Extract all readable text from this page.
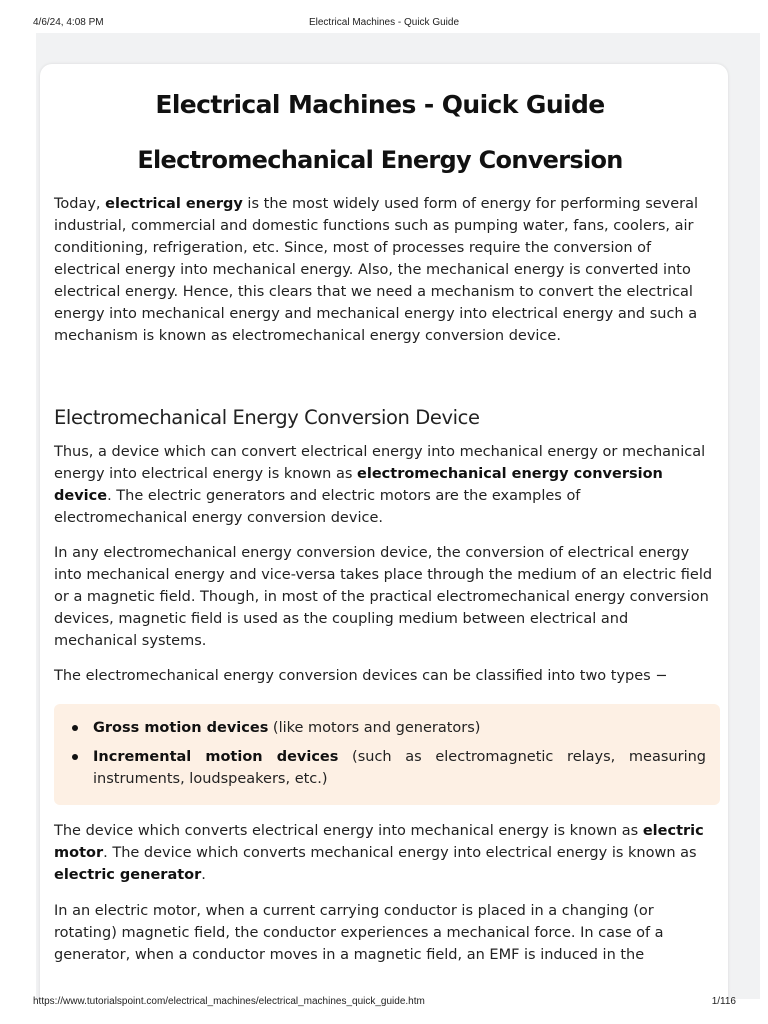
4/6/24, 4:08 PM	Electrical Machines - Quick Guide
Electrical Machines - Quick Guide
Electromechanical Energy Conversion

Today, electrical energy is the most widely used form of energy for performing several industrial, commercial and domestic functions such as pumping water, fans, coolers, air conditioning, refrigeration, etc. Since, most of processes require the conversion of electrical energy into mechanical energy. Also, the mechanical energy is converted into electrical energy. Hence, this clears that we need a mechanism to convert the electrical energy into mechanical energy and mechanical energy into electrical energy and such a mechanism is known as electromechanical energy conversion device.

Electromechanical Energy Conversion Device

Thus, a device which can convert electrical energy into mechanical energy or mechanical energy into electrical energy is known as electromechanical energy conversion device. The electric generators and electric motors are the examples of electromechanical energy conversion device.

In any electromechanical energy conversion device, the conversion of electrical energy into mechanical energy and vice-versa takes place through the medium of an electric field or a magnetic field. Though, in most of the practical electromechanical energy conversion devices, magnetic field is used as the coupling medium between electrical and mechanical systems.

The electromechanical energy conversion devices can be classified into two types −

Gross motion devices (like motors and generators)
Incremental motion devices (such as electromagnetic relays, measuring instruments, loudspeakers, etc.)

The device which converts electrical energy into mechanical energy is known as electric motor. The device which converts mechanical energy into electrical energy is known as electric generator.

In an electric motor, when a current carrying conductor is placed in a changing (or rotating) magnetic field, the conductor experiences a mechanical force. In case of a generator, when a conductor moves in a magnetic field, an EMF is induced in the

https://www.tutorialspoint.com/electrical_machines/electrical_machines_quick_guide.htm	1/116
